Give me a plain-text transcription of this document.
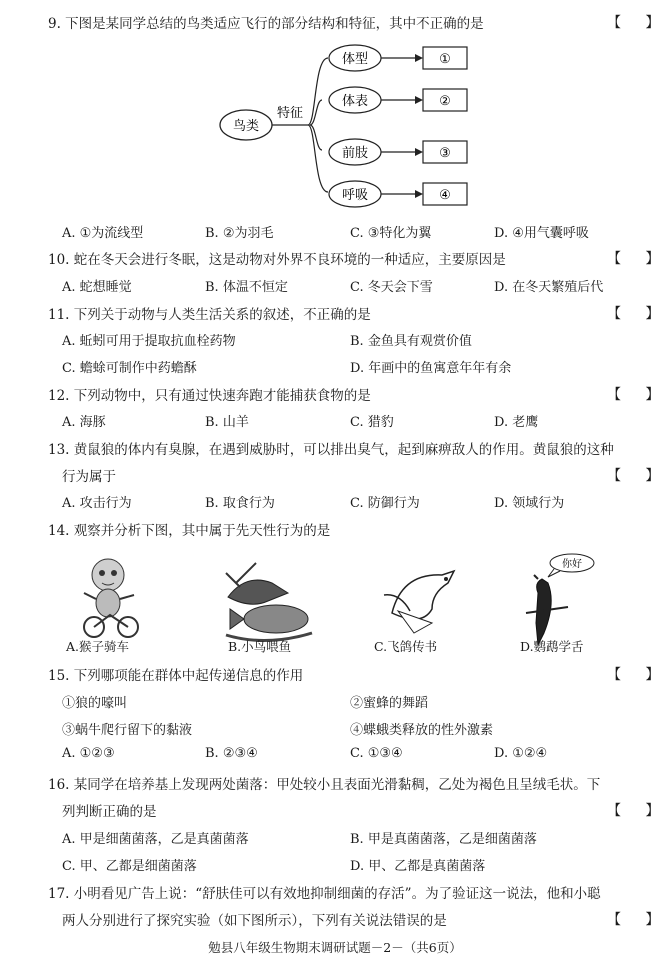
9. 下图是某同学总结的鸟类适应飞行的部分结构和特征，其中不正确的是	【 】
鸟类
特征
体型
体表
前肢
呼吸
①
②
③
④
A. ①为流线型	B. ②为羽毛	C. ③特化为翼	D. ④用气囊呼吸
10. 蛇在冬天会进行冬眠，这是动物对外界不良环境的一种适应，主要原因是	【 】
A. 蛇想睡觉	B. 体温不恒定	C. 冬天会下雪	D. 在冬天繁殖后代
11. 下列关于动物与人类生活关系的叙述，不正确的是	【 】
A. 蚯蚓可用于提取抗血栓药物	B. 金鱼具有观赏价值
C. 蟾蜍可制作中药蟾酥	D. 年画中的鱼寓意年年有余
12. 下列动物中，只有通过快速奔跑才能捕获食物的是	【 】
A. 海豚	B. 山羊	C. 猎豹	D. 老鹰
13. 黄鼠狼的体内有臭腺，在遇到威胁时，可以排出臭气，起到麻痹敌人的作用。黄鼠狼的这种
行为属于	【 】
A. 攻击行为	B. 取食行为	C. 防御行为	D. 领域行为
14. 观察并分析下图，其中属于先天性行为的是
A.猴子骑车	B.小鸟喂鱼	C.飞鸽传书
你好
D.鹦鹉学舌
15. 下列哪项能在群体中起传递信息的作用	【 】
①狼的嚎叫	②蜜蜂的舞蹈
③蜗牛爬行留下的黏液	④蝶蛾类释放的性外激素
A. ①②③	B. ②③④	C. ①③④	D. ①②④
16. 某同学在培养基上发现两处菌落：甲处较小且表面光滑黏稠，乙处为褐色且呈绒毛状。下
列判断正确的是	【 】
A. 甲是细菌菌落，乙是真菌菌落	B. 甲是真菌菌落，乙是细菌菌落
C. 甲、乙都是细菌菌落	D. 甲、乙都是真菌菌落
17. 小明看见广告上说：“舒肤佳可以有效地抑制细菌的存活”。为了验证这一说法，他和小聪
两人分别进行了探究实验（如下图所示），下列有关说法错误的是	【 】
勉县八年级生物期末调研试题－2－（共6页）
